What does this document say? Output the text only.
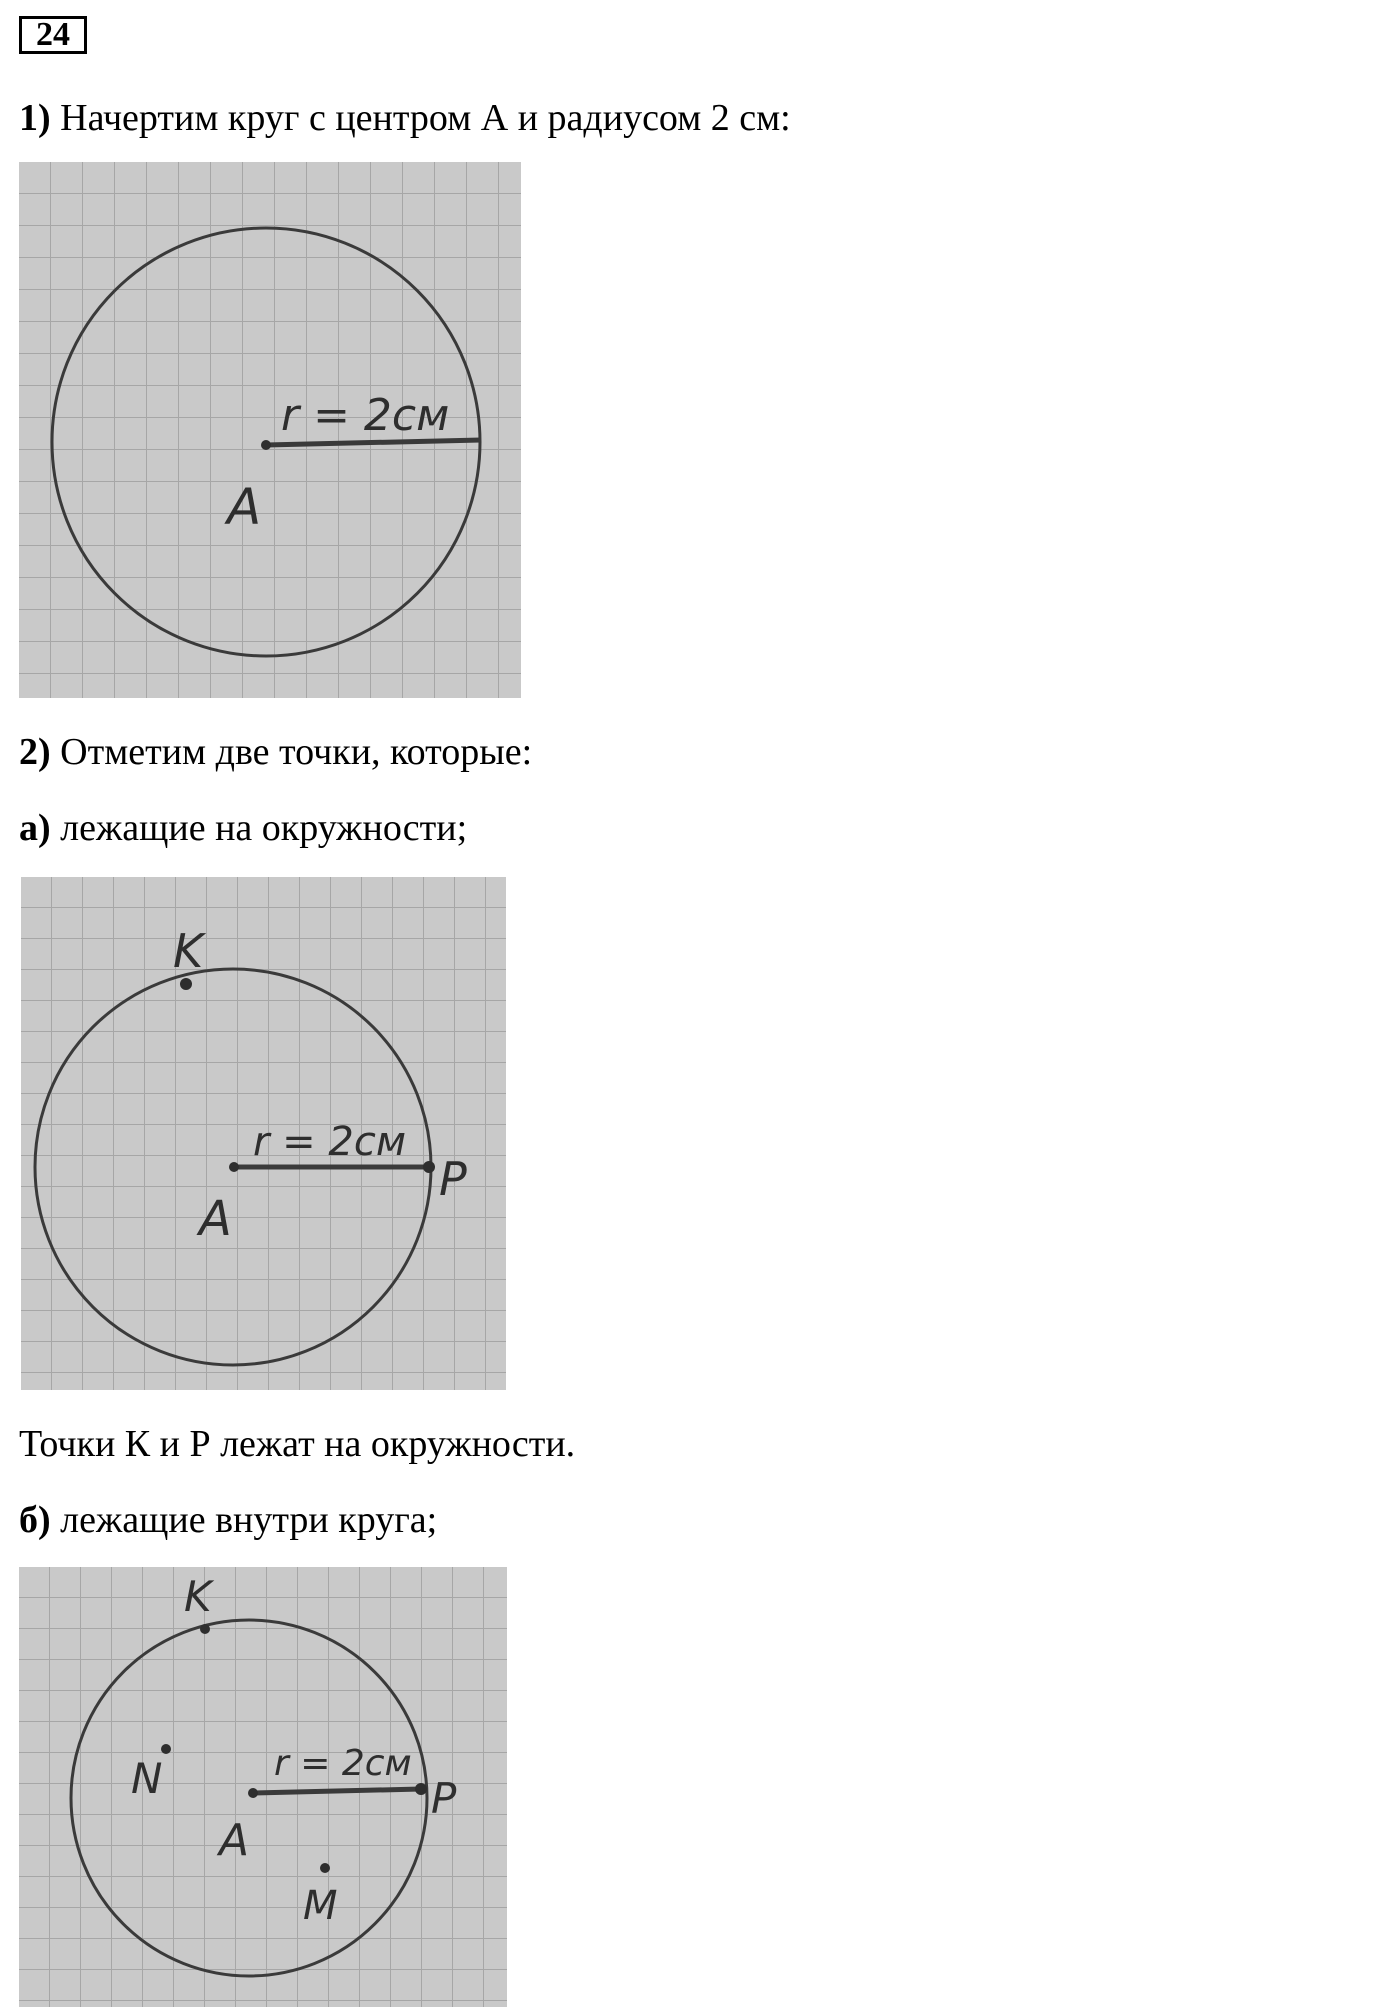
24
1) Начертим круг с центром А и радиусом 2 см:
r = 2см
A
2) Отметим две точки, которые:
а) лежащие на окружности;
r = 2см
A
K
P
Точки К и Р лежат на окружности.
б) лежащие внутри круга;
r = 2см
A
K
P
N
M
